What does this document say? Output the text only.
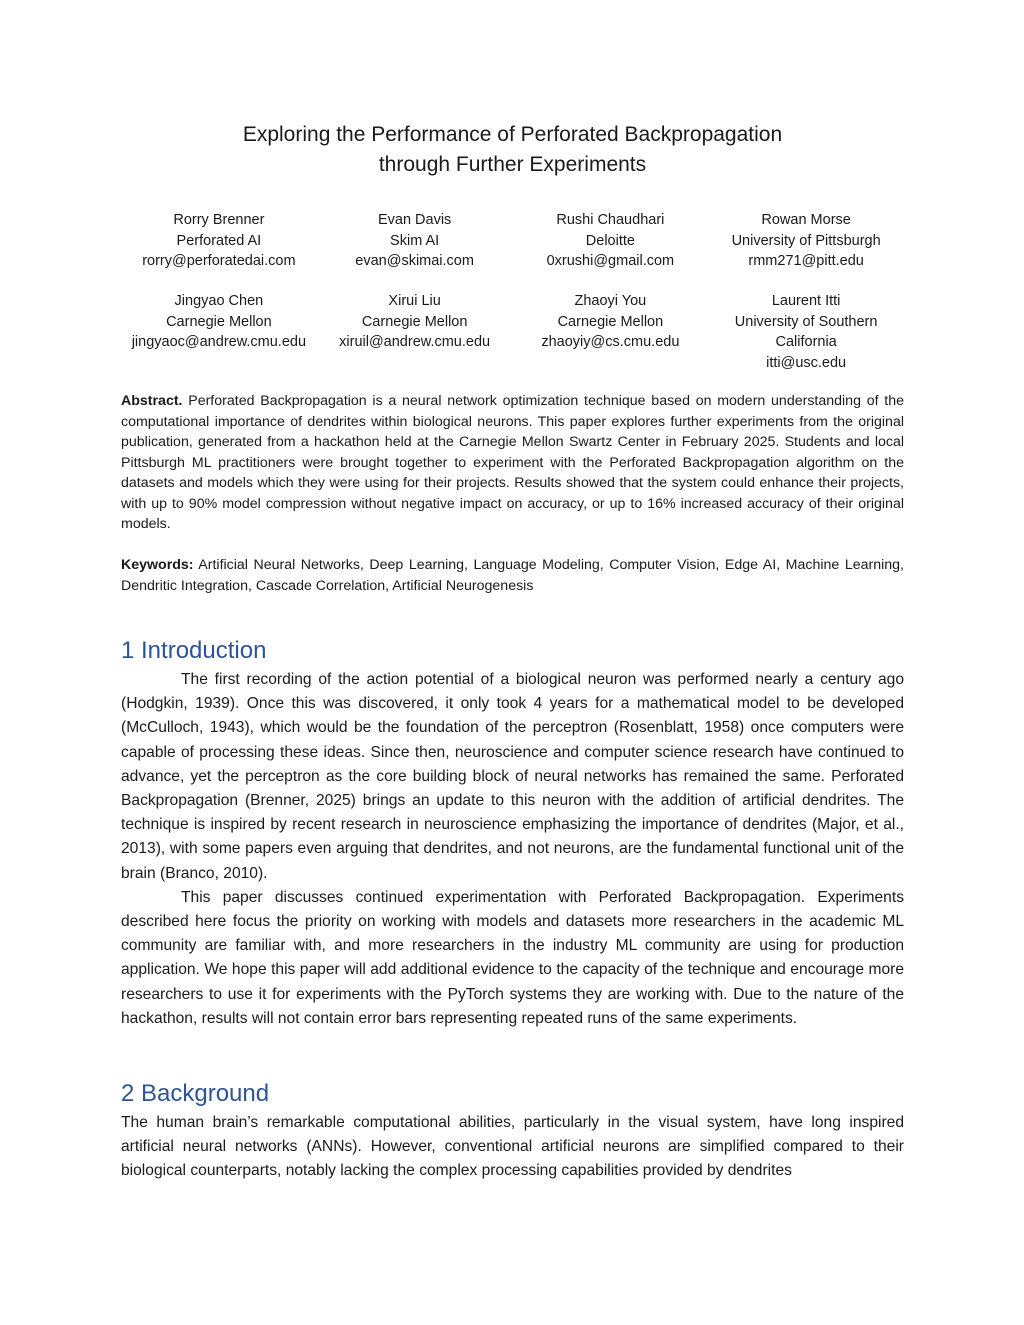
Exploring the Performance of Perforated Backpropagation
through Further Experiments
Rorry Brenner
Perforated AI
rorry@perforatedai.com
Evan Davis
Skim AI
evan@skimai.com
Rushi Chaudhari
Deloitte
0xrushi@gmail.com
Rowan Morse
University of Pittsburgh
rmm271@pitt.edu
Jingyao Chen
Carnegie Mellon
jingyaoc@andrew.cmu.edu
Xirui Liu
Carnegie Mellon
xiruil@andrew.cmu.edu
Zhaoyi You
Carnegie Mellon
zhaoyiy@cs.cmu.edu
Laurent Itti
University of Southern
California
itti@usc.edu

Abstract. Perforated Backpropagation is a neural network optimization technique based on modern understanding of the computational importance of dendrites within biological neurons. This paper explores further experiments from the original publication, generated from a hackathon held at the Carnegie Mellon Swartz Center in February 2025. Students and local Pittsburgh ML practitioners were brought together to experiment with the Perforated Backpropagation algorithm on the datasets and models which they were using for their projects. Results showed that the system could enhance their projects, with up to 90% model compression without negative impact on accuracy, or up to 16% increased accuracy of their original models.

Keywords: Artificial Neural Networks, Deep Learning, Language Modeling, Computer Vision, Edge AI, Machine Learning, Dendritic Integration, Cascade Correlation, Artificial Neurogenesis

1 Introduction

The first recording of the action potential of a biological neuron was performed nearly a century ago (Hodgkin, 1939). Once this was discovered, it only took 4 years for a mathematical model to be developed (McCulloch, 1943), which would be the foundation of the perceptron (Rosenblatt, 1958) once computers were capable of processing these ideas. Since then, neuroscience and computer science research have continued to advance, yet the perceptron as the core building block of neural networks has remained the same. Perforated Backpropagation (Brenner, 2025) brings an update to this neuron with the addition of artificial dendrites. The technique is inspired by recent research in neuroscience emphasizing the importance of dendrites (Major, et al., 2013), with some papers even arguing that dendrites, and not neurons, are the fundamental functional unit of the brain (Branco, 2010).

This paper discusses continued experimentation with Perforated Backpropagation. Experiments described here focus the priority on working with models and datasets more researchers in the academic ML community are familiar with, and more researchers in the industry ML community are using for production application. We hope this paper will add additional evidence to the capacity of the technique and encourage more researchers to use it for experiments with the PyTorch systems they are working with. Due to the nature of the hackathon, results will not contain error bars representing repeated runs of the same experiments.

2 Background

The human brain’s remarkable computational abilities, particularly in the visual system, have long inspired artificial neural networks (ANNs). However, conventional artificial neurons are simplified compared to their biological counterparts, notably lacking the complex processing capabilities provided by dendrites
